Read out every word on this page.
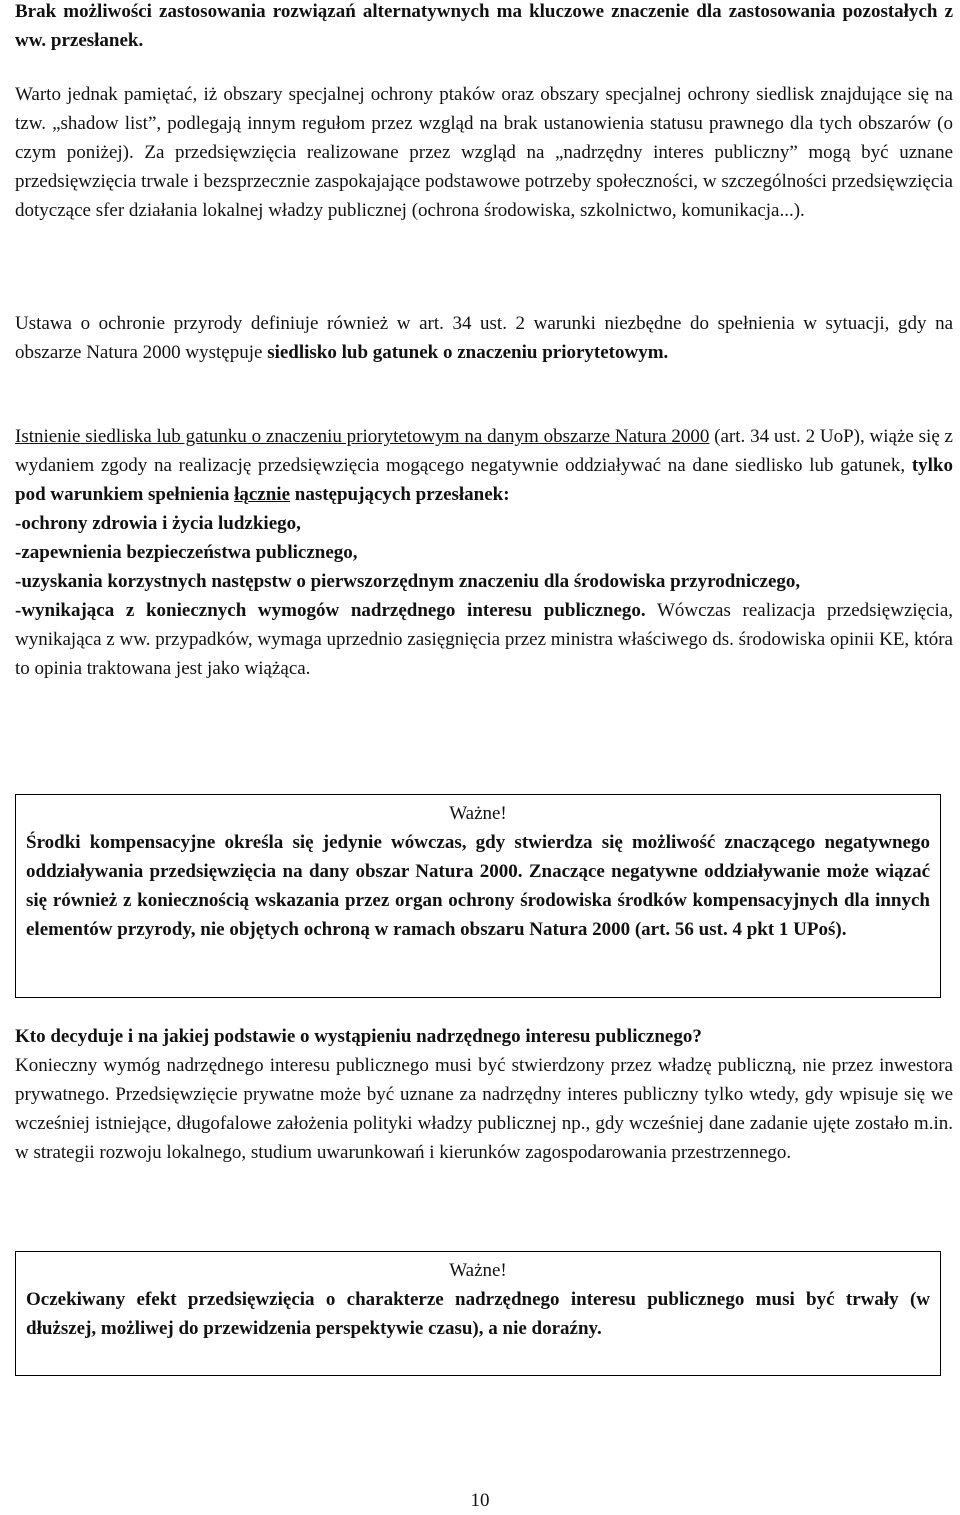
Brak możliwości zastosowania rozwiązań alternatywnych ma kluczowe znaczenie dla zastosowania pozostałych z ww. przesłanek.

Warto jednak pamiętać, iż obszary specjalnej ochrony ptaków oraz obszary specjalnej ochrony siedlisk znajdujące się na tzw. „shadow list”, podlegają innym regułom przez wzgląd na brak ustanowienia statusu prawnego dla tych obszarów (o czym poniżej). Za przedsięwzięcia realizowane przez wzgląd na „nadrzędny interes publiczny” mogą być uznane przedsięwzięcia trwale i bezsprzecznie zaspokajające podstawowe potrzeby społeczności, w szczególności przedsięwzięcia dotyczące sfer działania lokalnej władzy publicznej (ochrona środowiska, szkolnictwo, komunikacja...).

Ustawa o ochronie przyrody definiuje również w art. 34 ust. 2 warunki niezbędne do spełnienia w sytuacji, gdy na obszarze Natura 2000 występuje siedlisko lub gatunek o znaczeniu priorytetowym.

Istnienie siedliska lub gatunku o znaczeniu priorytetowym na danym obszarze Natura 2000 (art. 34 ust. 2 UoP), wiąże się z wydaniem zgody na realizację przedsięwzięcia mogącego negatywnie oddziaływać na dane siedlisko lub gatunek, tylko pod warunkiem spełnienia łącznie następujących przesłanek:

-ochrony zdrowia i życia ludzkiego,

-zapewnienia bezpieczeństwa publicznego,

-uzyskania korzystnych następstw o pierwszorzędnym znaczeniu dla środowiska przyrodniczego,

-wynikająca z koniecznych wymogów nadrzędnego interesu publicznego. Wówczas realizacja przedsięwzięcia, wynikająca z ww. przypadków, wymaga uprzednio zasięgnięcia przez ministra właściwego ds. środowiska opinii KE, która to opinia traktowana jest jako wiążąca.

Kto decyduje i na jakiej podstawie o wystąpieniu nadrzędnego interesu publicznego?

Konieczny wymóg nadrzędnego interesu publicznego musi być stwierdzony przez władzę publiczną, nie przez inwestora prywatnego. Przedsięwzięcie prywatne może być uznane za nadrzędny interes publiczny tylko wtedy, gdy wpisuje się we wcześniej istniejące, długofalowe założenia polityki władzy publicznej np., gdy wcześniej dane zadanie ujęte zostało m.in. w strategii rozwoju lokalnego, studium uwarunkowań i kierunków zagospodarowania przestrzennego.

Ważne!

Środki kompensacyjne określa się jedynie wówczas, gdy stwierdza się możliwość znaczącego negatywnego oddziaływania przedsięwzięcia na dany obszar Natura 2000. Znaczące negatywne oddziaływanie może wiązać się również z koniecznością wskazania przez organ ochrony środowiska środków kompensacyjnych dla innych elementów przyrody, nie objętych ochroną w ramach obszaru Natura 2000 (art. 56 ust. 4 pkt 1 UPoś).

Ważne!

Oczekiwany efekt przedsięwzięcia o charakterze nadrzędnego interesu publicznego musi być trwały (w dłuższej, możliwej do przewidzenia perspektywie czasu), a nie doraźny.

10
